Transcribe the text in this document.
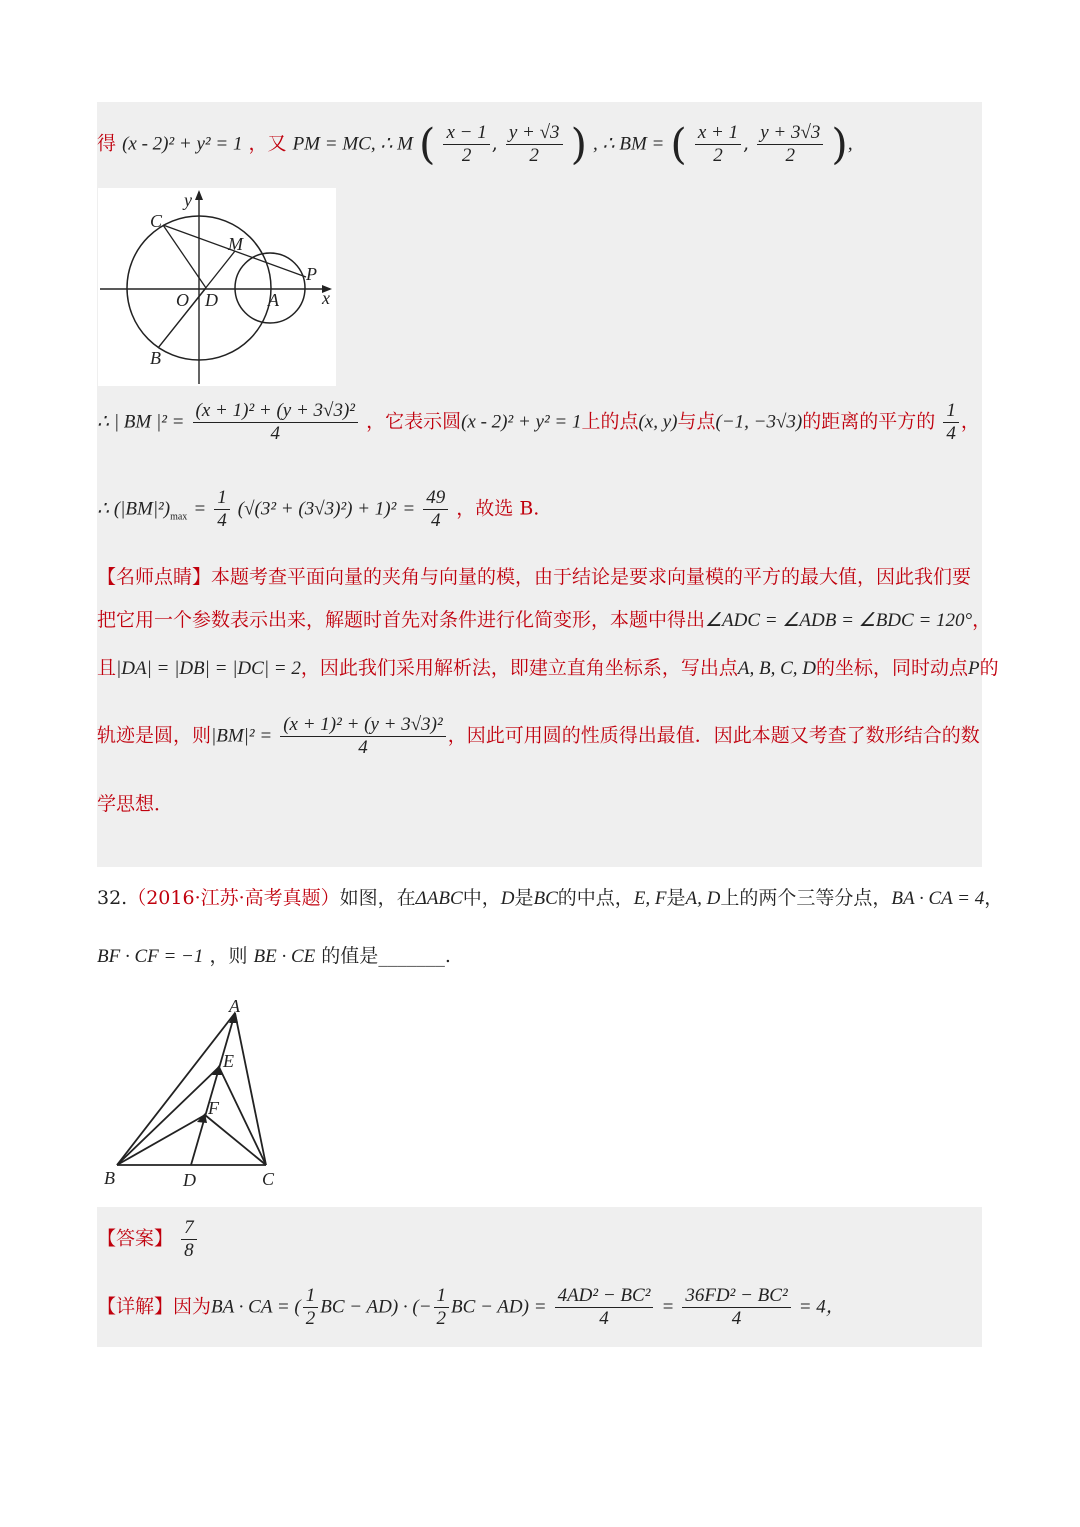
得 (x - 2)² + y² = 1 ，又 PM = MC, ∴ M ( $\frac{x - 1}{2}$ , $\frac{y + √3}{2}$ ) , ∴ BM = ( $\frac{x + 1}{2}$ , $\frac{y + 3√3}{2}$ ),
y
x
C
M
P
O D	A
B
∴ | BM $|^2 = \frac{\text{(x + 1)² + (y + 3√3)²}}{4}$ ，它表示圆(x - 2)² + y² = 1上的点(x, y)与点(−1, −3√3)的距离的平方的 $\frac{1}{4}$ ，
∴ $(|BM|^2)_{max} = \frac{1}{4} (√(3^2 + (3√3)^2) + 1)^2 = \frac{49}{4}$ ，故选 B.
【名师点睛】本题考查平面向量的夹角与向量的模，由于结论是要求向量模的平方的最大值，因此我们要
把它用一个参数表示出来，解题时首先对条件进行化简变形，本题中得出∠ADC = ∠ADB = ∠BDC = 120°，
且|DA| = |DB| = |DC| = 2，因此我们采用解析法，即建立直角坐标系，写出点A, B, C, D的坐标，同时动点P的
轨迹是圆，则$|BM|^2 = \frac{\text{(x + 1)² + (y + 3√3)²}}{4}$ ，因此可用圆的性质得出最值．因此本题又考查了数形结合的数
学思想．
32.（2016·江苏·高考真题）如图，在ΔABC中，D是BC的中点，E, F是A, D上的两个三等分点，BA · CA = 4，
BF · CF = −1 ，则 BE · CE 的值是_______.
A
E
F
B	D	C
【答案】 $\frac{7}{8}$
【详解】因为BA · CA = ( $\frac{1}{2}$ BC − AD) · (− $\frac{1}{2}$ BC − $AD) = \frac{\text{4AD² − BC²}}{4} = \frac{\text{36FD² − BC²}}{4} = 4$，
